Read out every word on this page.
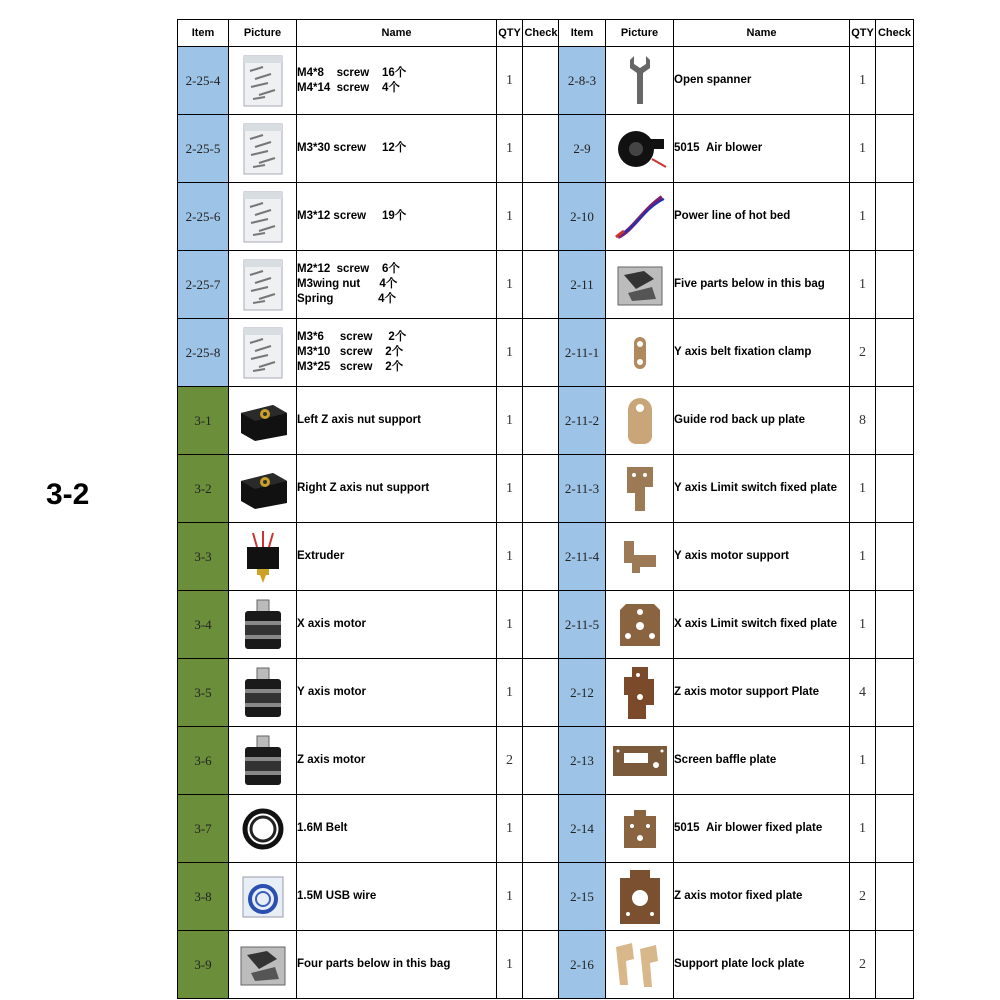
3-2
Item	Picture	Name	QTY	Check
2-25-4		M4*8    screw    16个
M4*14  screw    4个	1	
2-25-5		M3*30 screw     12个	1	
2-25-6		M3*12 screw     19个	1	
2-25-7		M2*12  screw    6个
M3wing nut      4个
Spring              4个	1	
2-25-8		M3*6     screw     2个
M3*10   screw    2个
M3*25   screw    2个	1	
3-1		Left Z axis nut support	1	
3-2		Right Z axis nut support	1	
3-3		Extruder	1	
3-4		X axis motor	1	
3-5		Y axis motor	1	
3-6		Z axis motor	2	
3-7		1.6M Belt	1	
3-8		1.5M USB wire	1	
3-9		Four parts below in this bag	1	
Item	Picture	Name	QTY	Check
2-8-3		Open spanner	1	
2-9		5015  Air blower	1	
2-10		Power line of hot bed	1	
2-11		Five parts below in this bag	1	
2-11-1		Y axis belt fixation clamp	2	
2-11-2		Guide rod back up plate	8	
2-11-3		Y axis Limit switch fixed plate	1	
2-11-4		Y axis motor support	1	
2-11-5		X axis Limit switch fixed plate	1	
2-12		Z axis motor support Plate	4	
2-13		Screen baffle plate	1	
2-14		5015  Air blower fixed plate	1	
2-15		Z axis motor fixed plate	2	
2-16		Support plate lock plate	2	
